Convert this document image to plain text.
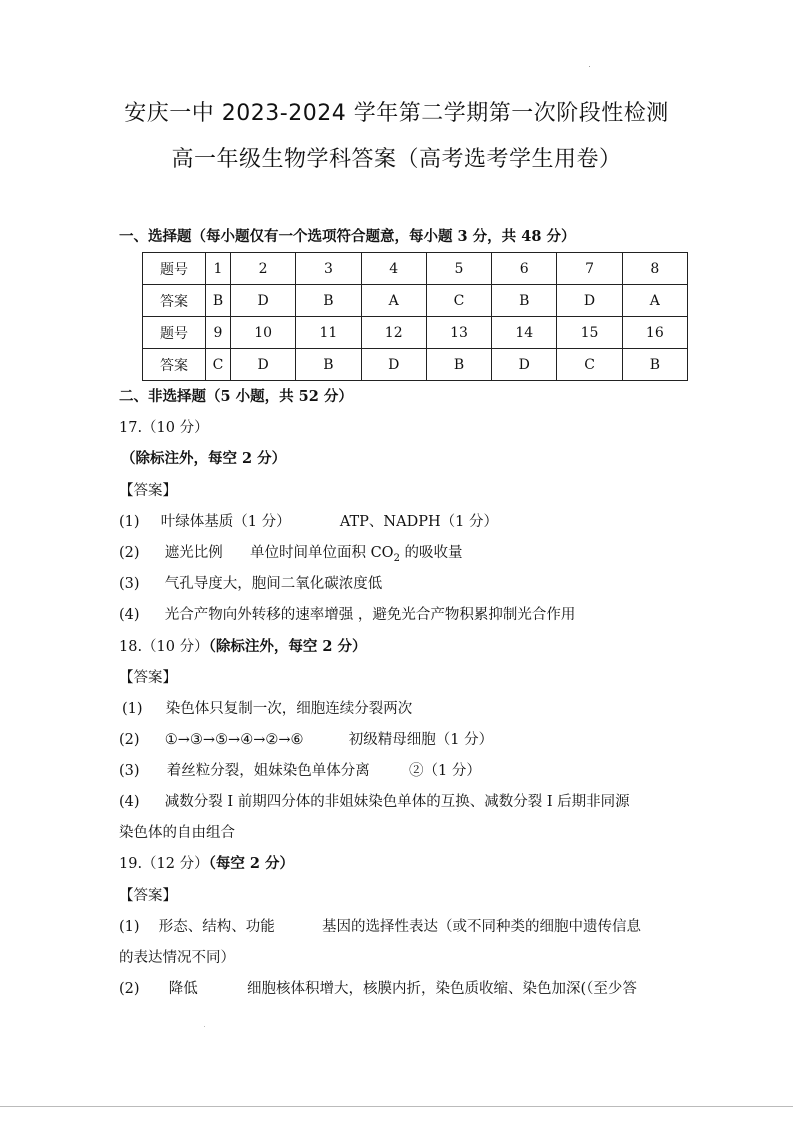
安庆一中 2023-2024 学年第二学期第一次阶段性检测
高一年级生物学科答案（高考选考学生用卷）
一、选择题（每小题仅有一个选项符合题意，每小题 3 分，共 48 分）
题号	1	2	3	4	5	6	7	8
答案	B	D	B	A	C	B	D	A
题号	9	10	11	12	13	14	15	16
答案	C	D	B	D	B	D	C	B
二、非选择题（5 小题，共 52 分）
17.（10 分）
（除标注外，每空 2 分）
【答案】
(1) 叶绿体基质（1 分）	ATP、NADPH（1 分）
(2) 遮光比例 单位时间单位面积 $CO_2$ 的吸收量
(3) 气孔导度大，胞间二氧化碳浓度低
(4) 光合产物向外转移的速率增强 ，避免光合产物积累抑制光合作用
18.（10 分）（除标注外，每空 2 分）
【答案】
(1) 染色体只复制一次，细胞连续分裂两次
(2) ①→③→⑤→④→②→⑥	初级精母细胞（1 分）
(3) 着丝粒分裂，姐妹染色单体分离	②（1 分）
(4) 减数分裂 I 前期四分体的非姐妹染色单体的互换、减数分裂 I 后期非同源
染色体的自由组合
19.（12 分）（每空 2 分）
【答案】
(1) 形态、结构、功能	基因的选择性表达（或不同种类的细胞中遗传信息
的表达情况不同）
(2) 降低	细胞核体积增大，核膜内折，染色质收缩、染色加深(（至少答
